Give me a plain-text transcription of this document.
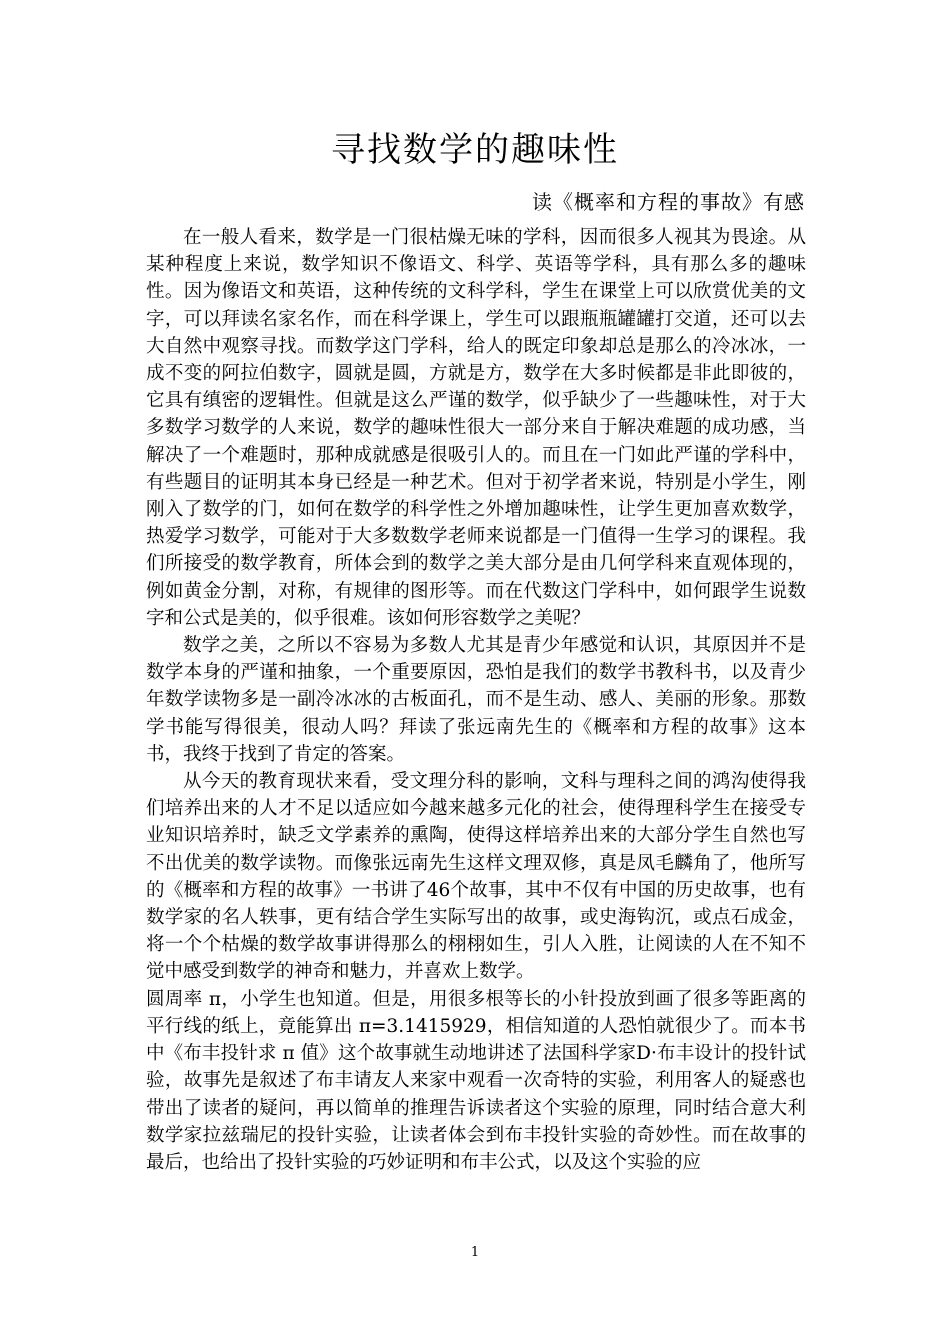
寻找数学的趣味性
读《概率和方程的事故》有感

在一般人看来，数学是一门很枯燥无味的学科，因而很多人视其为畏途。从某种程度上来说，数学知识不像语文、科学、英语等学科，具有那么多的趣味性。因为像语文和英语，这种传统的文科学科，学生在课堂上可以欣赏优美的文字，可以拜读名家名作，而在科学课上，学生可以跟瓶瓶罐罐打交道，还可以去大自然中观察寻找。而数学这门学科，给人的既定印象却总是那么的冷冰冰，一成不变的阿拉伯数字，圆就是圆，方就是方，数学在大多时候都是非此即彼的，它具有缜密的逻辑性。但就是这么严谨的数学，似乎缺少了一些趣味性，对于大多数学习数学的人来说，数学的趣味性很大一部分来自于解决难题的成功感，当解决了一个难题时，那种成就感是很吸引人的。而且在一门如此严谨的学科中，有些题目的证明其本身已经是一种艺术。但对于初学者来说，特别是小学生，刚刚入了数学的门，如何在数学的科学性之外增加趣味性，让学生更加喜欢数学，热爱学习数学，可能对于大多数数学老师来说都是一门值得一生学习的课程。我们所接受的数学教育，所体会到的数学之美大部分是由几何学科来直观体现的，例如黄金分割，对称，有规律的图形等。而在代数这门学科中，如何跟学生说数字和公式是美的，似乎很难。该如何形容数学之美呢？

数学之美，之所以不容易为多数人尤其是青少年感觉和认识，其原因并不是数学本身的严谨和抽象，一个重要原因，恐怕是我们的数学书教科书，以及青少年数学读物多是一副冷冰冰的古板面孔，而不是生动、感人、美丽的形象。那数学书能写得很美，很动人吗？拜读了张远南先生的《概率和方程的故事》这本书，我终于找到了肯定的答案。

从今天的教育现状来看，受文理分科的影响，文科与理科之间的鸿沟使得我们培养出来的人才不足以适应如今越来越多元化的社会，使得理科学生在接受专业知识培养时，缺乏文学素养的熏陶，使得这样培养出来的大部分学生自然也写不出优美的数学读物。而像张远南先生这样文理双修，真是凤毛麟角了，他所写的《概率和方程的故事》一书讲了46个故事，其中不仅有中国的历史故事，也有数学家的名人轶事，更有结合学生实际写出的故事，或史海钩沉，或点石成金，将一个个枯燥的数学故事讲得那么的栩栩如生，引人入胜，让阅读的人在不知不觉中感受到数学的神奇和魅力，并喜欢上数学。

圆周率 π，小学生也知道。但是，用很多根等长的小针投放到画了很多等距离的平行线的纸上，竟能算出 π=3.1415929，相信知道的人恐怕就很少了。而本书中《布丰投针求 π 值》这个故事就生动地讲述了法国科学家D·布丰设计的投针试验，故事先是叙述了布丰请友人来家中观看一次奇特的实验，利用客人的疑惑也带出了读者的疑问，再以简单的推理告诉读者这个实验的原理，同时结合意大利数学家拉兹瑞尼的投针实验，让读者体会到布丰投针实验的奇妙性。而在故事的最后，也给出了投针实验的巧妙证明和布丰公式，以及这个实验的应

1
